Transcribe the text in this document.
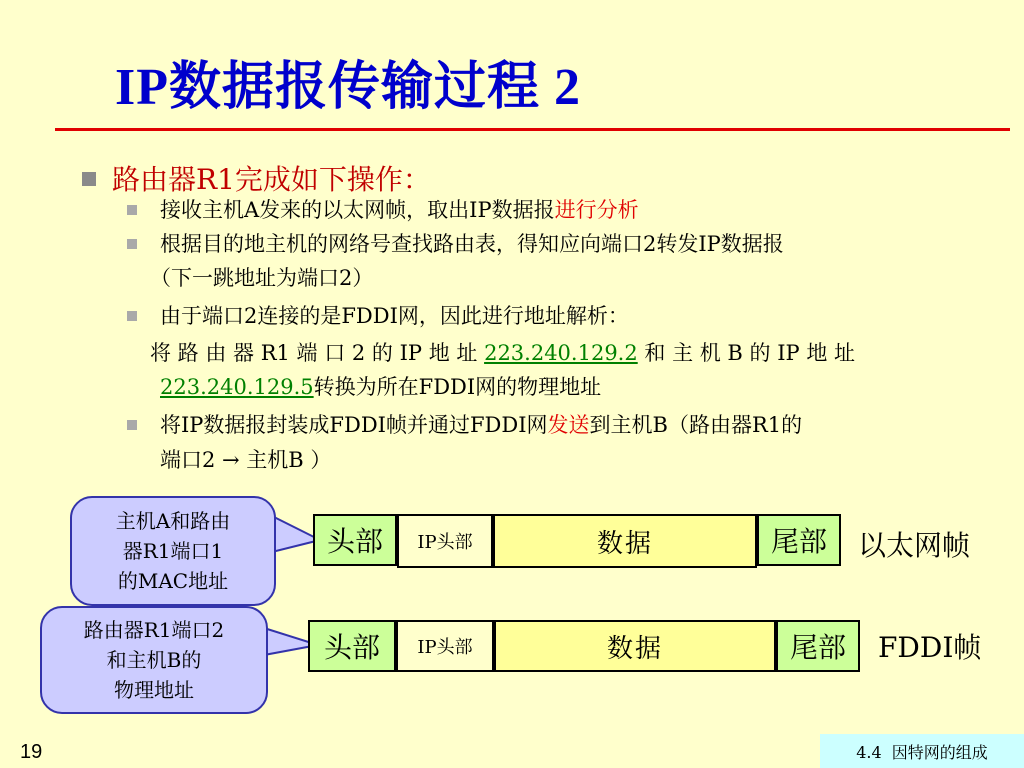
IP数据报传输过程 2
路由器R1完成如下操作：
接收主机A发来的以太网帧，取出IP数据报进行分析
根据目的地主机的网络号查找路由表，得知应向端口2转发IP数据报
（下一跳地址为端口2）
由于端口2连接的是FDDI网，因此进行地址解析：
将 路 由 器 R1 端 口 2 的 IP 地 址 223.240.129.2 和 主 机 B 的 IP 地 址
223.240.129.5转换为所在FDDI网的物理地址
将IP数据报封装成FDDI帧并通过FDDI网发送到主机B（路由器R1的
端口2 → 主机B ）
主机A和路由
器R1端口1
的MAC地址
路由器R1端口2
和主机B的
物理地址
头部	IP头部	数据	尾部	以太网帧
头部	IP头部	数据	尾部	FDDI帧
19	4.4  因特网的组成
